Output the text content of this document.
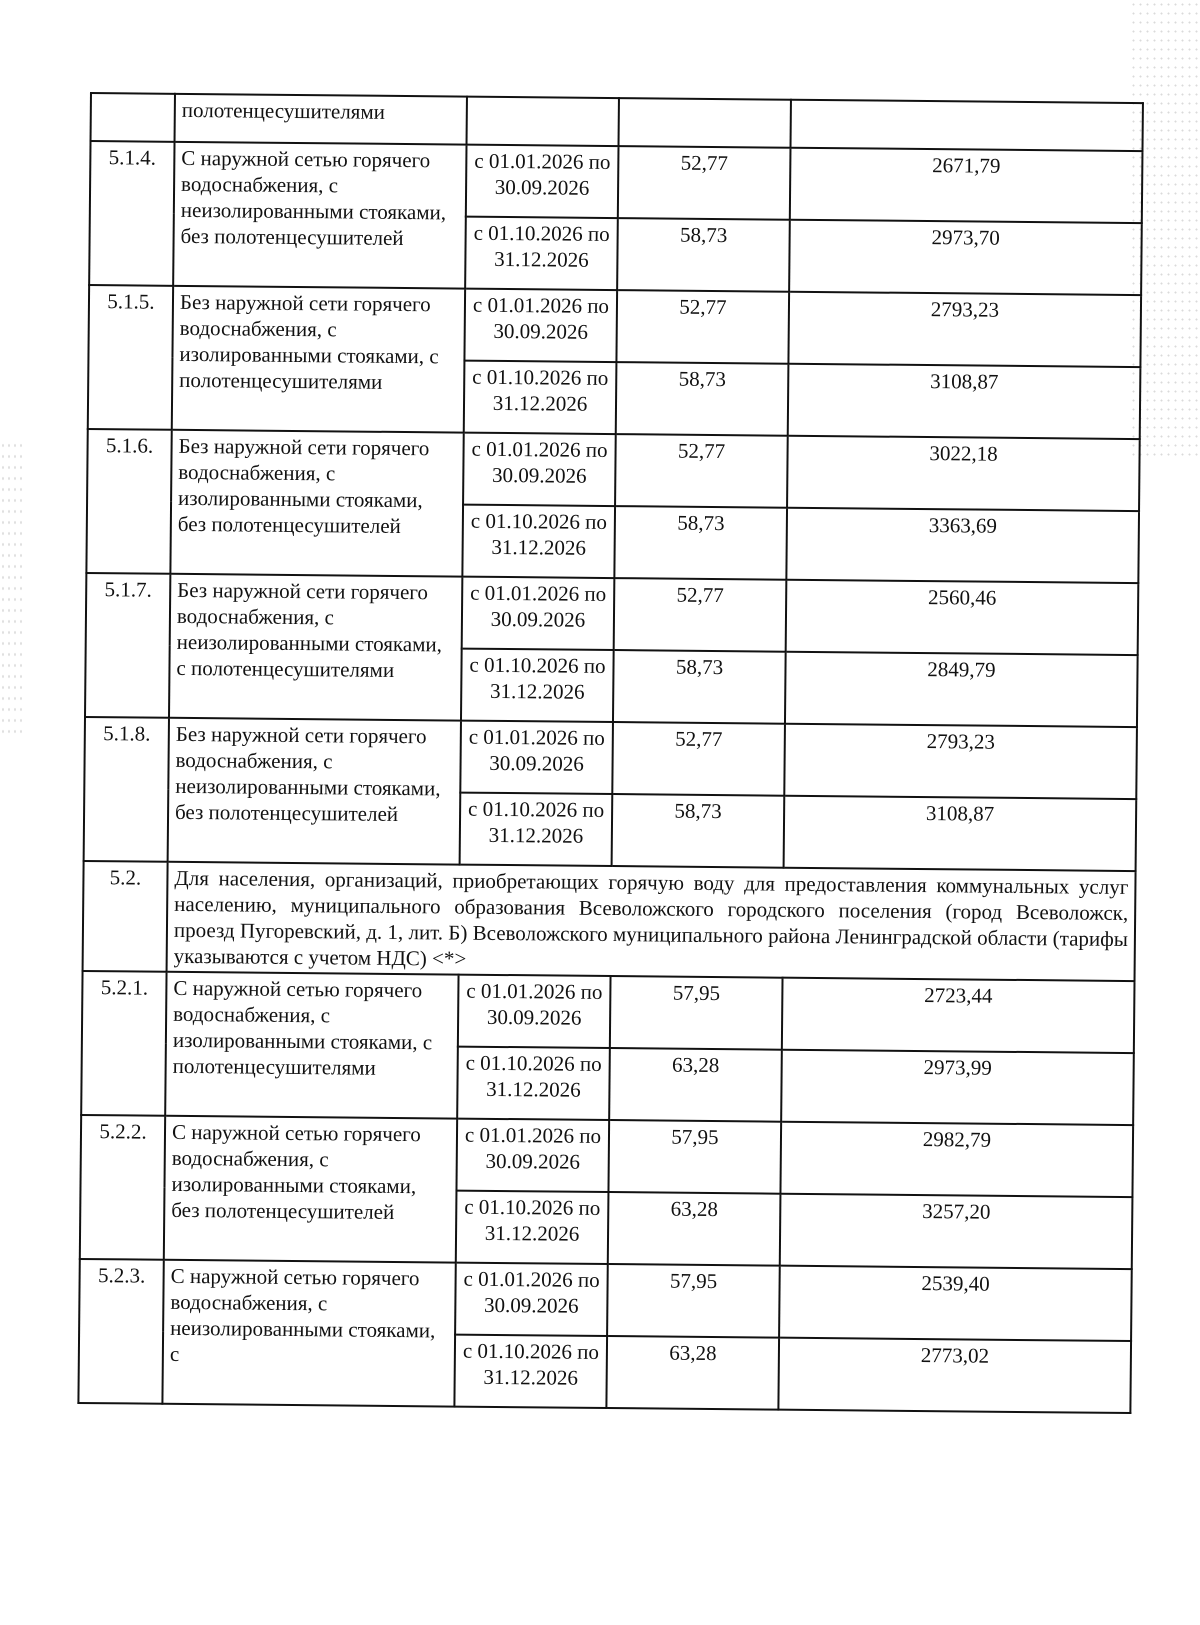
	полотенцесушителями			
5.1.4.	С наружной сетью горячего водоснабжения, с неизолированными стояками, без полотенцесушителей	с 01.01.2026 по 30.09.2026	52,77	2671,79
		с 01.10.2026 по 31.12.2026	58,73	2973,70
5.1.5.	Без наружной сети горячего водоснабжения, с изолированными стояками, с полотенцесушителями	с 01.01.2026 по 30.09.2026	52,77	2793,23
		с 01.10.2026 по 31.12.2026	58,73	3108,87
5.1.6.	Без наружной сети горячего водоснабжения, с изолированными стояками, без полотенцесушителей	с 01.01.2026 по 30.09.2026	52,77	3022,18
		с 01.10.2026 по 31.12.2026	58,73	3363,69
5.1.7.	Без наружной сети горячего водоснабжения, с неизолированными стояками, с полотенцесушителями	с 01.01.2026 по 30.09.2026	52,77	2560,46
		с 01.10.2026 по 31.12.2026	58,73	2849,79
5.1.8.	Без наружной сети горячего водоснабжения, с неизолированными стояками, без полотенцесушителей	с 01.01.2026 по 30.09.2026	52,77	2793,23
		с 01.10.2026 по 31.12.2026	58,73	3108,87
5.2.	Для населения, организаций, приобретающих горячую воду для предоставления коммунальных услуг населению, муниципального образования Всеволожского городского поселения (город Всеволожск, проезд Пугоревский, д. 1, лит. Б) Всеволожского муниципального района Ленинградской области (тарифы указываются с учетом НДС) <*>			
5.2.1.	С наружной сетью горячего водоснабжения, с изолированными стояками, с полотенцесушителями	с 01.01.2026 по 30.09.2026	57,95	2723,44
		с 01.10.2026 по 31.12.2026	63,28	2973,99
5.2.2.	С наружной сетью горячего водоснабжения, с изолированными стояками, без полотенцесушителей	с 01.01.2026 по 30.09.2026	57,95	2982,79
		с 01.10.2026 по 31.12.2026	63,28	3257,20
5.2.3.	С наружной сетью горячего водоснабжения, с неизолированными стояками, с	с 01.01.2026 по 30.09.2026	57,95	2539,40
		с 01.10.2026 по 31.12.2026	63,28	2773,02
